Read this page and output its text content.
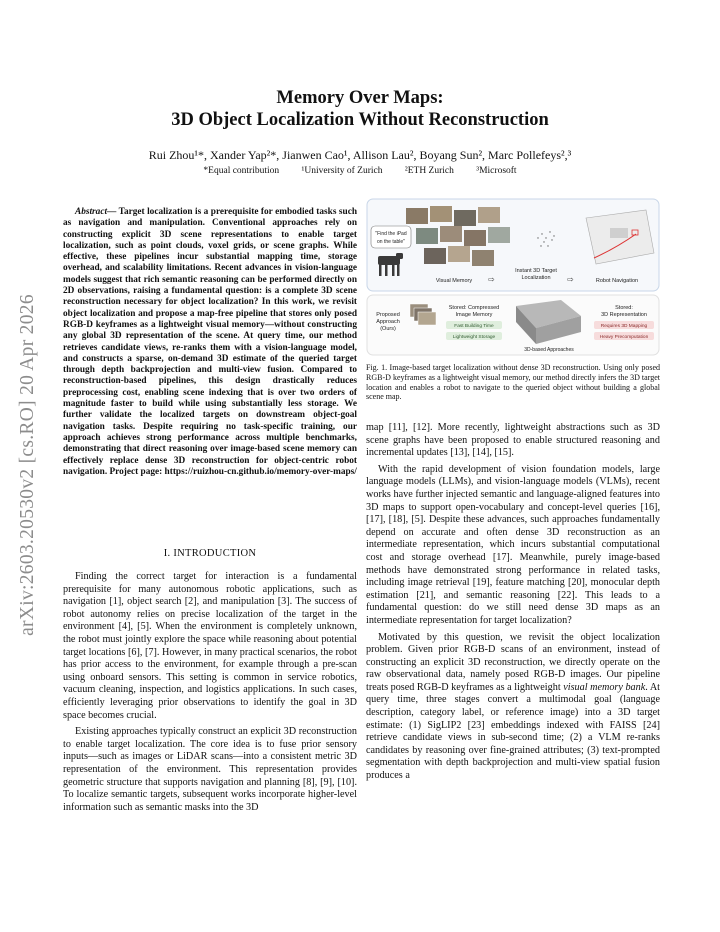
arXiv:2603.20530v2 [cs.RO] 20 Apr 2026
Memory Over Maps:
3D Object Localization Without Reconstruction
Rui Zhou¹*, Xander Yap²*, Jianwen Cao¹, Allison Lau², Boyang Sun², Marc Pollefeys²,³
*Equal contribution ¹University of Zurich ²ETH Zurich ³Microsoft
Abstract— Target localization is a prerequisite for embodied tasks such as navigation and manipulation. Conventional approaches rely on constructing explicit 3D scene representations to enable target localization, such as point clouds, voxel grids, or scene graphs. While effective, these pipelines incur substantial mapping time, storage overhead, and scalability limitations. Recent advances in vision-language models suggest that rich semantic reasoning can be performed directly on 2D observations, raising a fundamental question: is a complete 3D scene reconstruction necessary for object localization? In this work, we revisit object localization and propose a map-free pipeline that stores only posed RGB-D keyframes as a lightweight visual memory—without constructing any global 3D representation of the scene. At query time, our method retrieves candidate views, re-ranks them with a vision-language model, and constructs a sparse, on-demand 3D estimate of the queried target through depth backprojection and multi-view fusion. Compared to reconstruction-based pipelines, this design drastically reduces preprocessing cost, enabling scene indexing that is over two orders of magnitude faster to build while using substantially less storage. We further validate the localized targets on downstream object-goal navigation tasks. Despite requiring no task-specific training, our approach achieves strong performance across multiple benchmarks, demonstrating that direct reasoning over image-based scene memory can effectively replace dense 3D reconstruction for object-centric robot navigation. Project page: https://ruizhou-cn.github.io/memory-over-maps/
I. INTRODUCTION

Finding the correct target for interaction is a fundamental prerequisite for many autonomous robotic applications, such as navigation [1], object search [2], and manipulation [3]. The success of robot autonomy relies on precise localization of the target in the environment [4], [5]. When the environment is completely unknown, the robot must jointly explore the space while reasoning about potential target locations [6], [7]. However, in many practical scenarios, the robot has prior access to the environment, for example through a pre-scan using onboard sensors. This setting is common in service robotics, vacuum cleaning, inspection, and logistics applications. In such cases, efficiently leveraging prior observations to identify the goal in 3D space becomes crucial.

Existing approaches typically construct an explicit 3D reconstruction to enable target localization. The core idea is to fuse prior sensory inputs—such as images or LiDAR scans—into a consistent metric 3D representation of the environment. This representation provides geometric structure that supports navigation and planning [8], [9], [10]. To localize semantic targets, subsequent works incorporate higher-level information such as semantic masks into the 3D

"Find the iPad
on the table"
Visual Memory ⇨
Instant 3D Target
Localization ⇨	Robot Navigation
Proposed
Approach
(Ours)
Stored: Compressed
Image Memory
Fast Building Time
Lightweight Storage
3D-based Approaches
Stored:
3D Representation
Requires 3D Mapping
Heavy Precomputation
Fig. 1. Image-based target localization without dense 3D reconstruction. Using only posed RGB-D keyframes as a lightweight visual memory, our method directly infers the 3D target location and enables a robot to navigate to the queried object without building a global scene map.

map [11], [12]. More recently, lightweight abstractions such as 3D scene graphs have been proposed to enable structured reasoning and incremental updates [13], [14], [15].

With the rapid development of vision foundation models, large language models (LLMs), and vision-language models (VLMs), recent works have further injected semantic and language-aligned features into 3D maps to support open-vocabulary and concept-level queries [16], [17], [18], [5]. Despite these advances, such approaches fundamentally depend on accurate and often dense 3D reconstruction as an intermediate representation, which incurs substantial computational cost and storage overhead [17]. Meanwhile, purely image-based methods have demonstrated strong performance in related tasks, including image retrieval [19], feature matching [20], monocular depth estimation [21], and semantic reasoning [22]. This leads to a fundamental question: do we still need dense 3D maps as an intermediate representation for target localization?

Motivated by this question, we revisit the object localization problem. Given prior RGB-D scans of an environment, instead of constructing an explicit 3D reconstruction, we directly operate on the raw observational data, namely posed RGB-D images. Our pipeline treats posed RGB-D keyframes as a lightweight visual memory bank. At query time, three stages convert a multimodal goal (language description, category label, or reference image) into a 3D target estimate: (1) SigLIP2 [23] embeddings indexed with FAISS [24] retrieve candidate views in sub-second time; (2) a VLM re-ranks candidates by reasoning over fine-grained attributes; (3) text-prompted segmentation with depth backprojection and multi-view spatial fusion produces a
